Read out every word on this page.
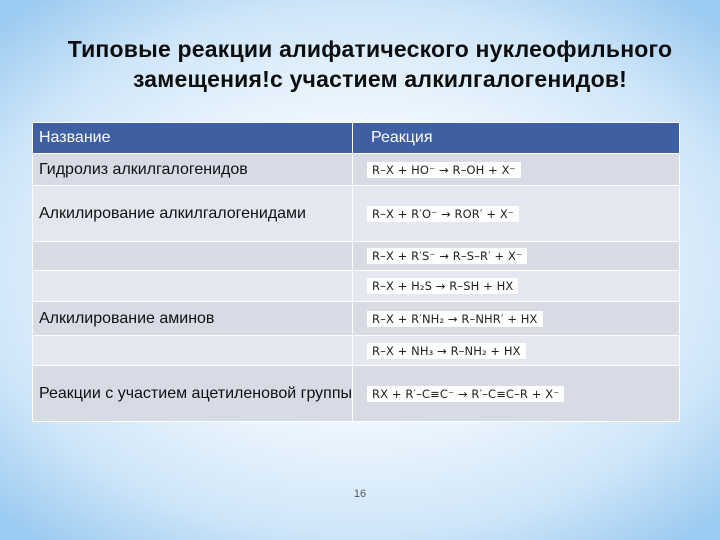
Типовые реакции алифатического нуклеофильного
замещения!с участием алкилгалогенидов!
Название	Реакция
Гидролиз алкилгалогенидов	R–X + HO⁻ → R–OH + X⁻
Алкилирование алкилгалогенидами	R–X + R′O⁻ → ROR′ + X⁻
	R–X + R′S⁻ → R–S–R′ + X⁻
	R–X + H₂S → R–SH + HX
Алкилирование аминов	R–X + R′NH₂ → R–NHR′ + HX
	R–X + NH₃ → R–NH₂ + HX
Реакции с участием ацетиленовой группы	RX + R′–C≡C⁻ → R′–C≡C–R + X⁻
16
